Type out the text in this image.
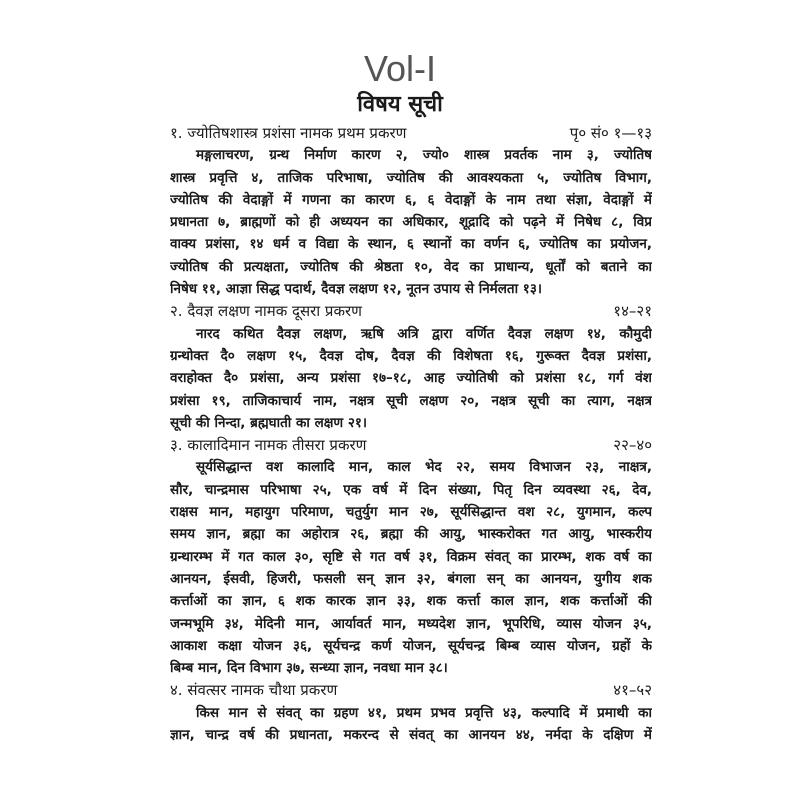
Vol-I
विषय सूची
१. ज्योतिषशास्त्र प्रशंसा नामक प्रथम प्रकरण	पृ० सं० १—१३
मङ्गलाचरण, ग्रन्थ निर्माण कारण २, ज्यो० शास्त्र प्रवर्तक नाम ३, ज्योतिष
शास्त्र प्रवृत्ति ४, ताजिक परिभाषा, ज्योतिष की आवश्यकता ५, ज्योतिष विभाग,
ज्योतिष की वेदाङ्गों में गणना का कारण ६, ६ वेदाङ्गों के नाम तथा संज्ञा, वेदाङ्गों में
प्रधानता ७, ब्राह्मणों को ही अध्ययन का अधिकार, शूद्रादि को पढ़ने में निषेध ८, विप्र
वाक्य प्रशंसा, १४ धर्म व विद्या के स्थान, ६ स्थानों का वर्णन ६, ज्योतिष का प्रयोजन,
ज्योतिष की प्रत्यक्षता, ज्योतिष की श्रेष्ठता १०, वेद का प्राधान्य, धूर्तों को बताने का
निषेध ११, आज्ञा सिद्ध पदार्थ, दैवज्ञ लक्षण १२, नूतन उपाय से निर्मलता १३।
२. दैवज्ञ लक्षण नामक दूसरा प्रकरण	१४–२१
नारद कथित दैवज्ञ लक्षण, ऋषि अत्रि द्वारा वर्णित दैवज्ञ लक्षण १४, कौमुदी
ग्रन्थोक्त दै० लक्षण १५, दैवज्ञ दोष, दैवज्ञ की विशेषता १६, गुरूक्त दैवज्ञ प्रशंसा,
वराहोक्त दै० प्रशंसा, अन्य प्रशंसा १७–१८, आह ज्योतिषी को प्रशंसा १८, गर्ग वंश
प्रशंसा १९, ताजिकाचार्य नाम, नक्षत्र सूची लक्षण २०, नक्षत्र सूची का त्याग, नक्षत्र
सूची की निन्दा, ब्रह्मघाती का लक्षण २१।
३. कालादिमान नामक तीसरा प्रकरण	२२–४०
सूर्यसिद्धान्त वश कालादि मान, काल भेद २२, समय विभाजन २३, नाक्षत्र,
सौर, चान्द्रमास परिभाषा २५, एक वर्ष में दिन संख्या, पितृ दिन व्यवस्था २६, देव,
राक्षस मान, महायुग परिमाण, चतुर्युग मान २७, सूर्यसिद्धान्त वश २८, युगमान, कल्प
समय ज्ञान, ब्रह्मा का अहोरात्र २६, ब्रह्मा की आयु, भास्करोक्त गत आयु, भास्करीय
ग्रन्थारम्भ में गत काल ३०, सृष्टि से गत वर्ष ३१, विक्रम संवत् का प्रारम्भ, शक वर्ष का
आनयन, ईसवी, हिजरी, फसली सन् ज्ञान ३२, बंगला सन् का आनयन, युगीय शक
कर्त्ताओं का ज्ञान, ६ शक कारक ज्ञान ३३, शक कर्त्ता काल ज्ञान, शक कर्त्ताओं की
जन्मभूमि ३४, मेदिनी मान, आर्यावर्त मान, मध्यदेश ज्ञान, भूपरिधि, व्यास योजन ३५,
आकाश कक्षा योजन ३६, सूर्यचन्द्र कर्ण योजन, सूर्यचन्द्र बिम्ब व्यास योजन, ग्रहों के
बिम्ब मान, दिन विभाग ३७, सन्ध्या ज्ञान, नवधा मान ३८।
४. संवत्सर नामक चौथा प्रकरण	४१–५२
किस मान से संवत् का ग्रहण ४१, प्रथम प्रभव प्रवृत्ति ४३, कल्पादि में प्रमाथी का
ज्ञान, चान्द्र वर्ष की प्रधानता, मकरन्द से संवत् का आनयन ४४, नर्मदा के दक्षिण में
